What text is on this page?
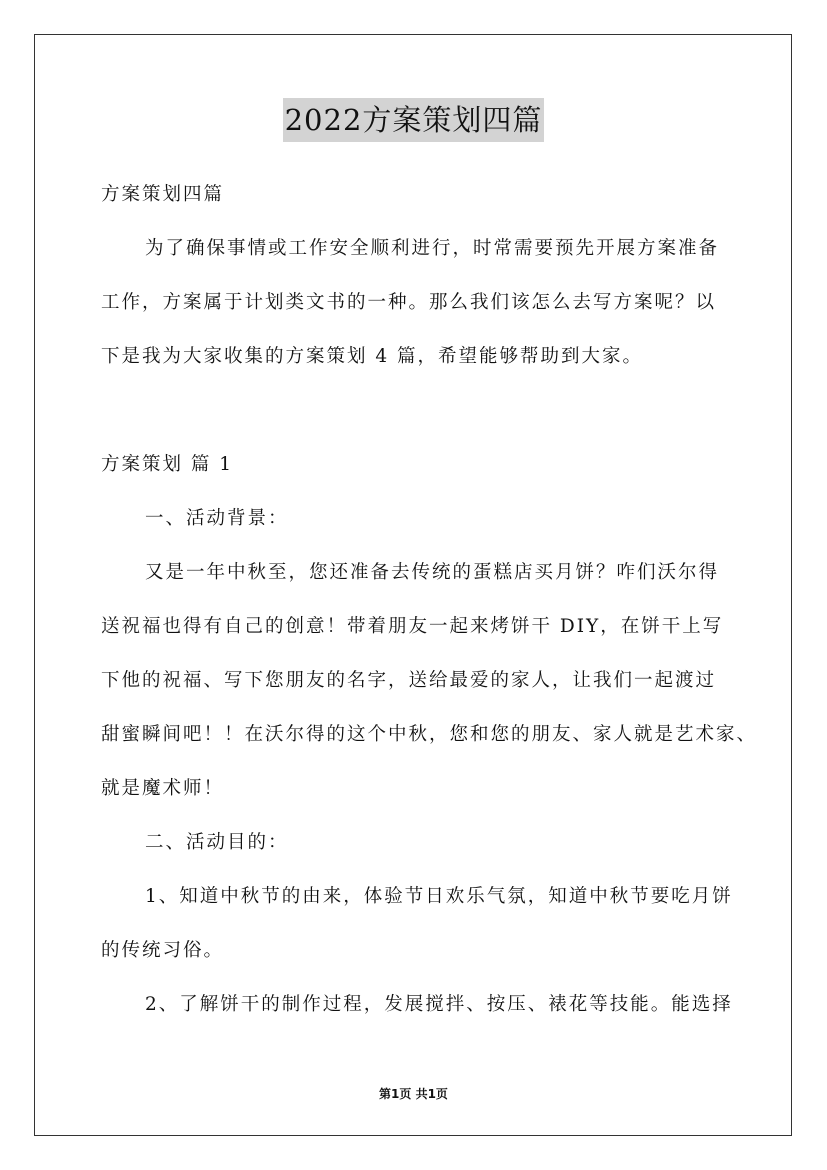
2022方案策划四篇
方案策划四篇
为了确保事情或工作安全顺利进行，时常需要预先开展方案准备
工作，方案属于计划类文书的一种。那么我们该怎么去写方案呢？以
下是我为大家收集的方案策划 4 篇，希望能够帮助到大家。
方案策划 篇 1
一、活动背景：
又是一年中秋至，您还准备去传统的蛋糕店买月饼？咋们沃尔得
送祝福也得有自己的创意！带着朋友一起来烤饼干 DIY，在饼干上写
下他的祝福、写下您朋友的名字，送给最爱的家人，让我们一起渡过
甜蜜瞬间吧！！在沃尔得的这个中秋，您和您的朋友、家人就是艺术家、
就是魔术师！
二、活动目的：
1、知道中秋节的由来，体验节日欢乐气氛，知道中秋节要吃月饼
的传统习俗。
2、了解饼干的制作过程，发展搅拌、按压、裱花等技能。能选择
第1页 共1页
